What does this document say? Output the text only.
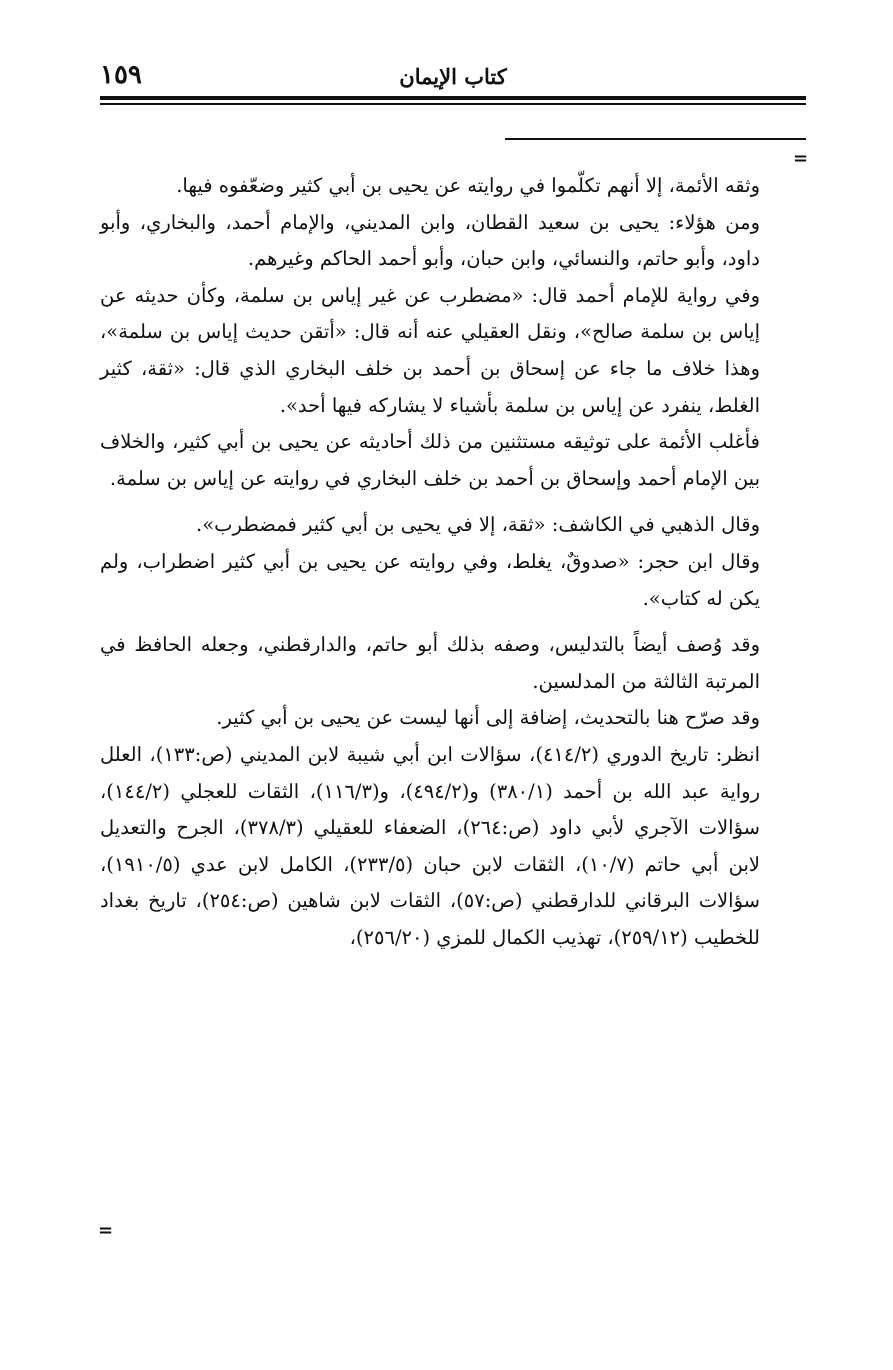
١٥٩	كتاب الإيمان
=

وثقه الأئمة، إلا أنهم تكلّموا في روايته عن يحيى بن أبي كثير وضعّفوه فيها.

ومن هؤلاء: يحيى بن سعيد القطان، وابن المديني، والإمام أحمد، والبخاري، وأبو داود، وأبو حاتم، والنسائي، وابن حبان، وأبو أحمد الحاكم وغيرهم.

وفي رواية للإمام أحمد قال: «مضطرب عن غير إياس بن سلمة، وكأن حديثه عن إياس بن سلمة صالح»، ونقل العقيلي عنه أنه قال: «أتقن حديث إياس بن سلمة»، وهذا خلاف ما جاء عن إسحاق بن أحمد بن خلف البخاري الذي قال: «ثقة، كثير الغلط، ينفرد عن إياس بن سلمة بأشياء لا يشاركه فيها أحد».

فأغلب الأئمة على توثيقه مستثنين من ذلك أحاديثه عن يحيى بن أبي كثير، والخلاف بين الإمام أحمد وإسحاق بن أحمد بن خلف البخاري في روايته عن إياس بن سلمة.

وقال الذهبي في الكاشف: «ثقة، إلا في يحيى بن أبي كثير فمضطرب».

وقال ابن حجر: «صدوقٌ، يغلط، وفي روايته عن يحيى بن أبي كثير اضطراب، ولم يكن له كتاب».

وقد وُصف أيضاً بالتدليس، وصفه بذلك أبو حاتم، والدارقطني، وجعله الحافظ في المرتبة الثالثة من المدلسين.

وقد صرّح هنا بالتحديث، إضافة إلى أنها ليست عن يحيى بن أبي كثير.

انظر: تاريخ الدوري (٤١٤/٢)، سؤالات ابن أبي شيبة لابن المديني (ص:١٣٣)، العلل رواية عبد الله بن أحمد (٣٨٠/١) و(٤٩٤/٢)، و(١١٦/٣)، الثقات للعجلي (١٤٤/٢)، سؤالات الآجري لأبي داود (ص:٢٦٤)، الضعفاء للعقيلي (٣٧٨/٣)، الجرح والتعديل لابن أبي حاتم (١٠/٧)، الثقات لابن حبان (٢٣٣/٥)، الكامل لابن عدي (١٩١٠/٥)، سؤالات البرقاني للدارقطني (ص:٥٧)، الثقات لابن شاهين (ص:٢٥٤)، تاريخ بغداد للخطيب (٢٥٩/١٢)، تهذيب الكمال للمزي (٢٥٦/٢٠)،

=
